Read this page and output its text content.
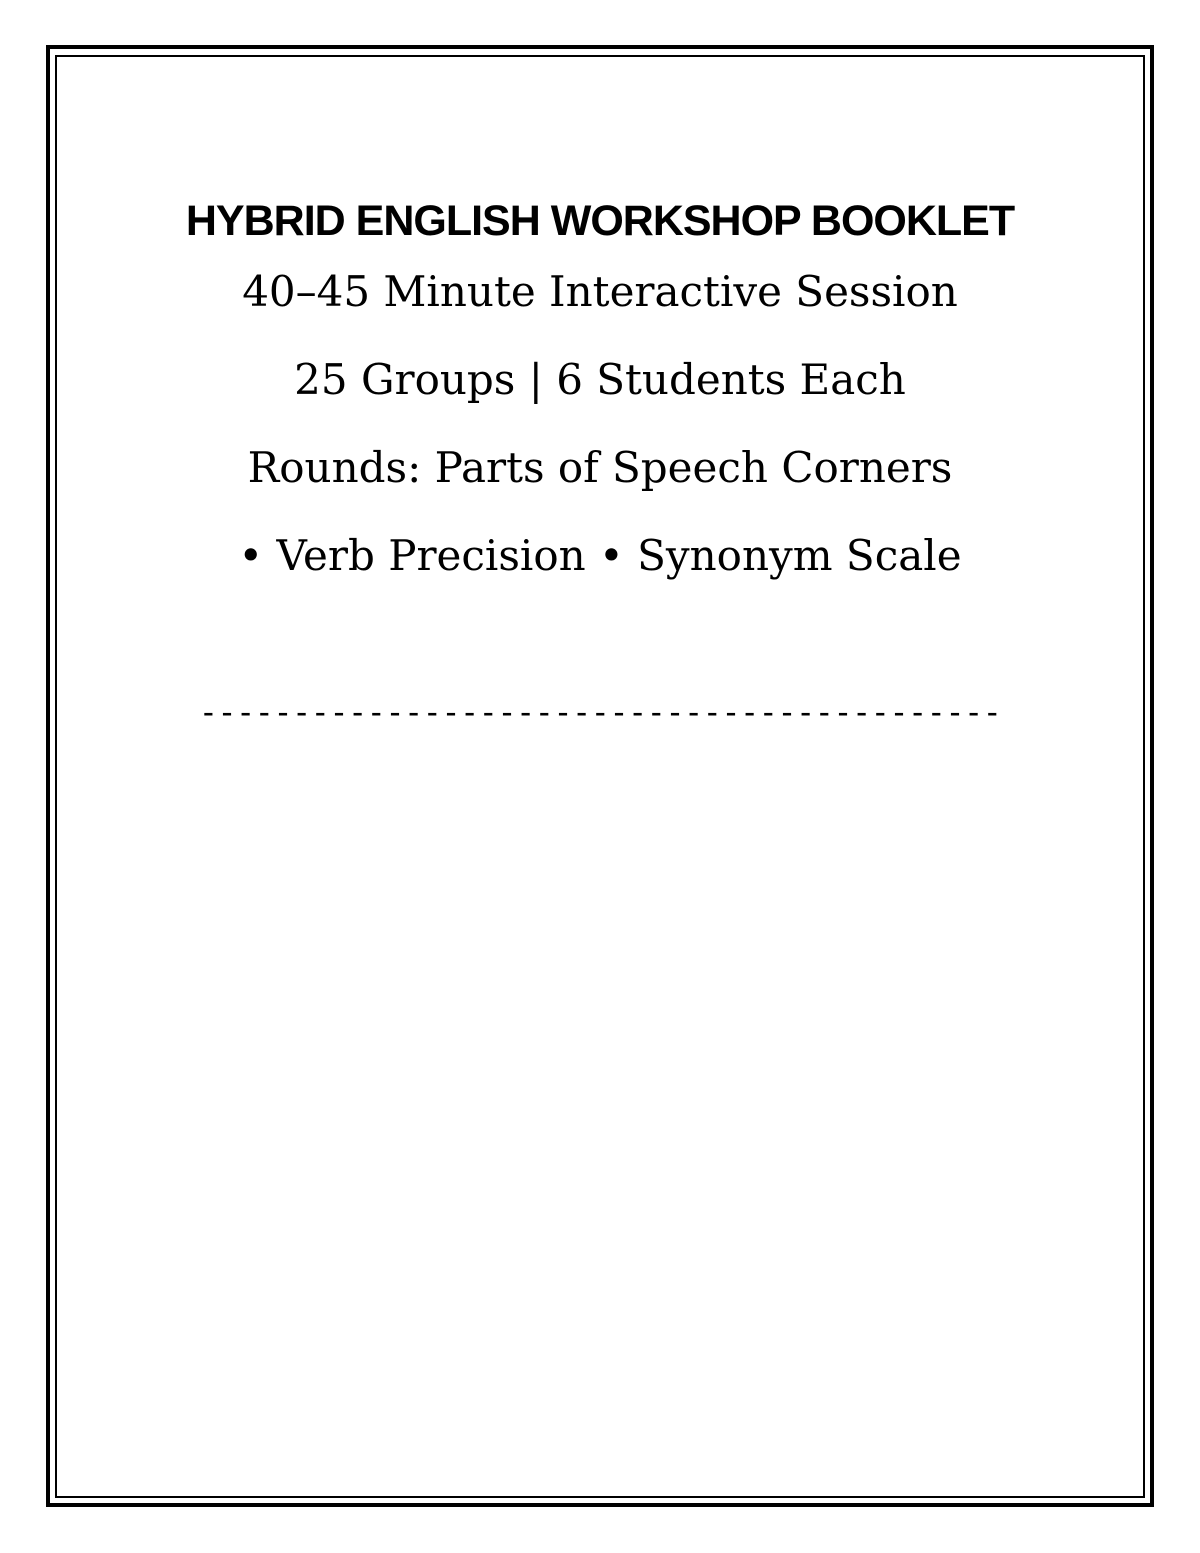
HYBRID ENGLISH WORKSHOP BOOKLET

40–45 Minute Interactive Session

25 Groups | 6 Students Each

Rounds: Parts of Speech Corners

• Verb Precision • Synonym Scale

-------------------------------------------
